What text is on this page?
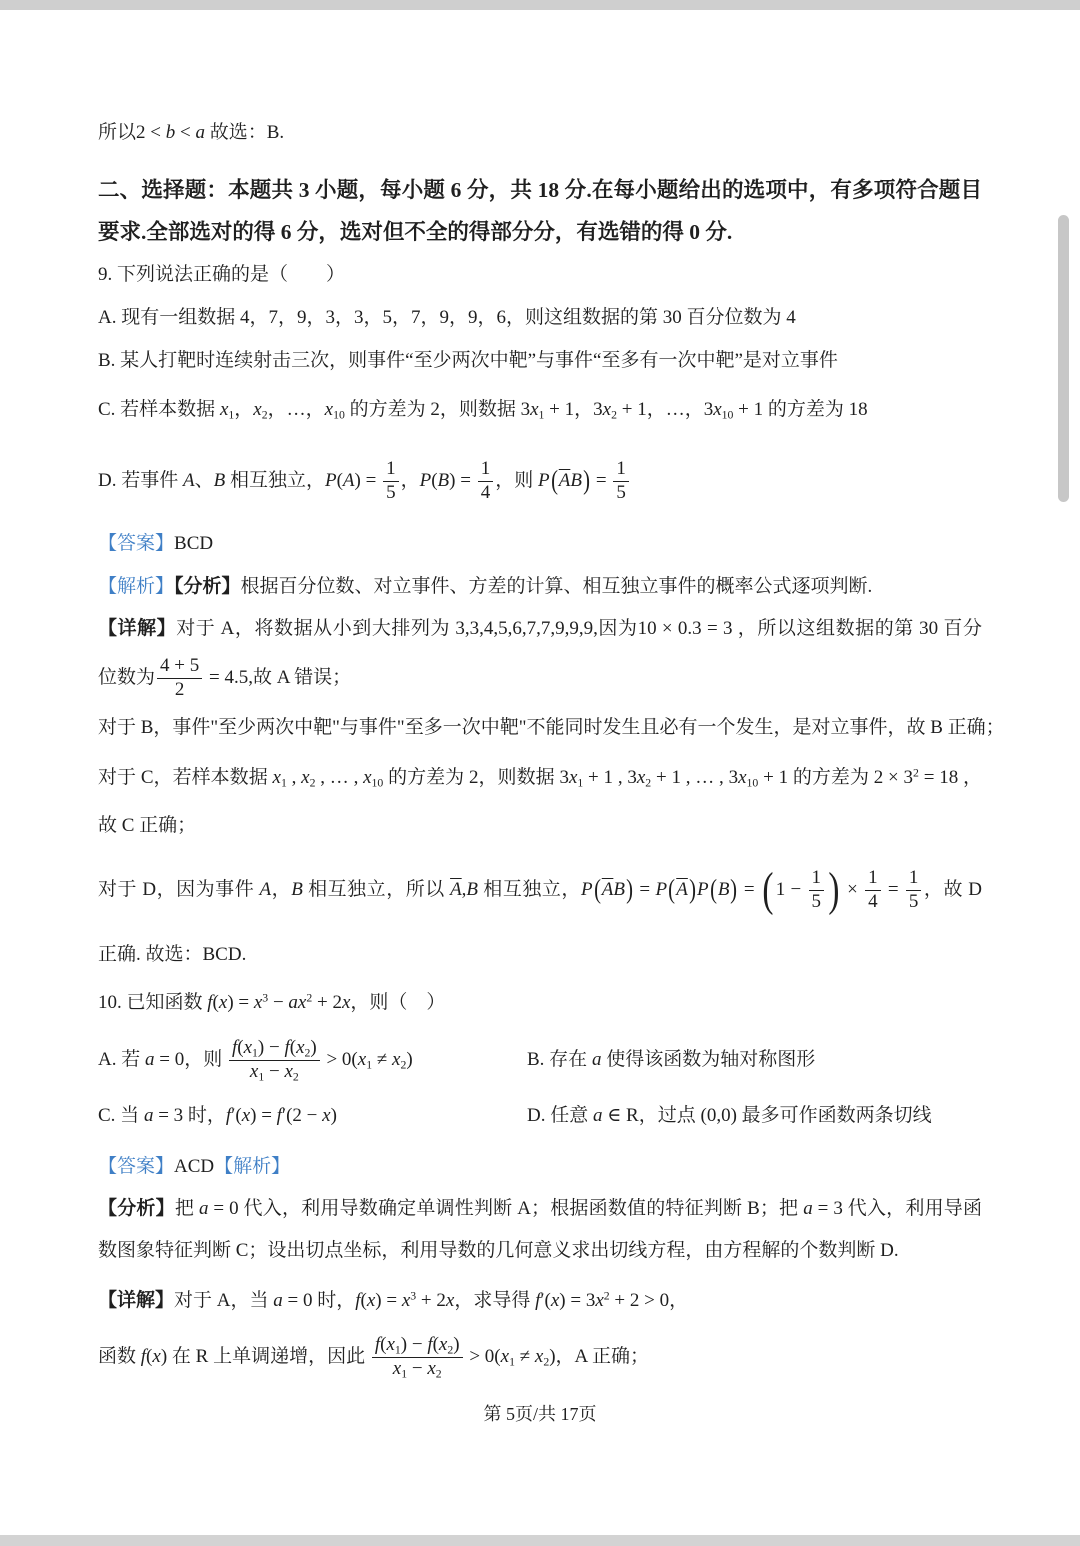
所以2 < b < a 故选：B.
二、选择题：本题共 3 小题，每小题 6 分，共 18 分.在每小题给出的选项中，有多项符合题目
要求.全部选对的得 6 分，选对但不全的得部分分，有选错的得 0 分.
9. 下列说法正确的是（　　）
A. 现有一组数据 4，7，9，3，3，5，7，9，9，6，则这组数据的第 30 百分位数为 4
B. 某人打靶时连续射击三次，则事件“至少两次中靶”与事件“至多有一次中靶”是对立事件
C. 若样本数据 x1，x2，…，x10 的方差为 2，则数据 3x1 + 1，3x2 + 1，…，3x10 + 1 的方差为 18
D. 若事件 A、B 相互独立，$P(A) = \frac{1}{5}$ ，$P(B) = \frac{1}{4}$ ，则 $P(\overline{A}B) = \frac{1}{5}$
【答案】BCD
【解析】【分析】根据百分位数、对立事件、方差的计算、相互独立事件的概率公式逐项判断.
【详解】对于 A，将数据从小到大排列为 3,3,4,5,6,7,7,9,9,9,因为10 × 0.3 = 3 ，所以这组数据的第 30 百分
位数为 $\frac{4 + 5}{2} = 4.5$,故 A 错误；
对于 B，事件"至少两次中靶"与事件"至多一次中靶"不能同时发生且必有一个发生，是对立事件，故 B 正确；
对于 C，若样本数据 x1 , x2 , … , x10 的方差为 2，则数据 3x1 + 1 , 3x2 + 1 , … , 3x10 + 1 的方差为 $2 \times 3^2 = 18$ ，
故 C 正确；
对于 D，因为事件 A，B 相互独立，所以 $\overline{A},B$ 相互独立，$P(\overline{A}B) = P(\overline{A})P(B)$ = ( $1 - \frac{1}{5}$ ) × $\frac{1}{4} = \frac{1}{5}$ ，故 D
正确. 故选：BCD.
10. 已知函数 $f(x) = x^3 - ax^2 + 2x$，则（　）
A. 若 a = 0，则 $\frac{f(x1) - f(x2)}{x1 - x2} > 0(x1 \ne x2)$	B. 存在 a 使得该函数为轴对称图形
C. 当 a = 3 时，f′(x) = f′(2 − x)	D. 任意 a ∈ R，过点 (0,0) 最多可作函数两条切线
【答案】ACD【解析】
【分析】把 a = 0 代入，利用导数确定单调性判断 A；根据函数值的特征判断 B；把 a = 3 代入，利用导函
数图象特征判断 C；设出切点坐标，利用导数的几何意义求出切线方程，由方程解的个数判断 D.
【详解】对于 A，当 a = 0 时，$f(x) = x^3 + 2x$，求导得 $f'(x) = 3x^2 + 2 > 0$，
函数 f(x) 在 R 上单调递增，因此 $\frac{f(x1) - f(x2)}{x1 - x2} > 0(x1 \ne x2)$，A 正确；
第 5页/共 17页
